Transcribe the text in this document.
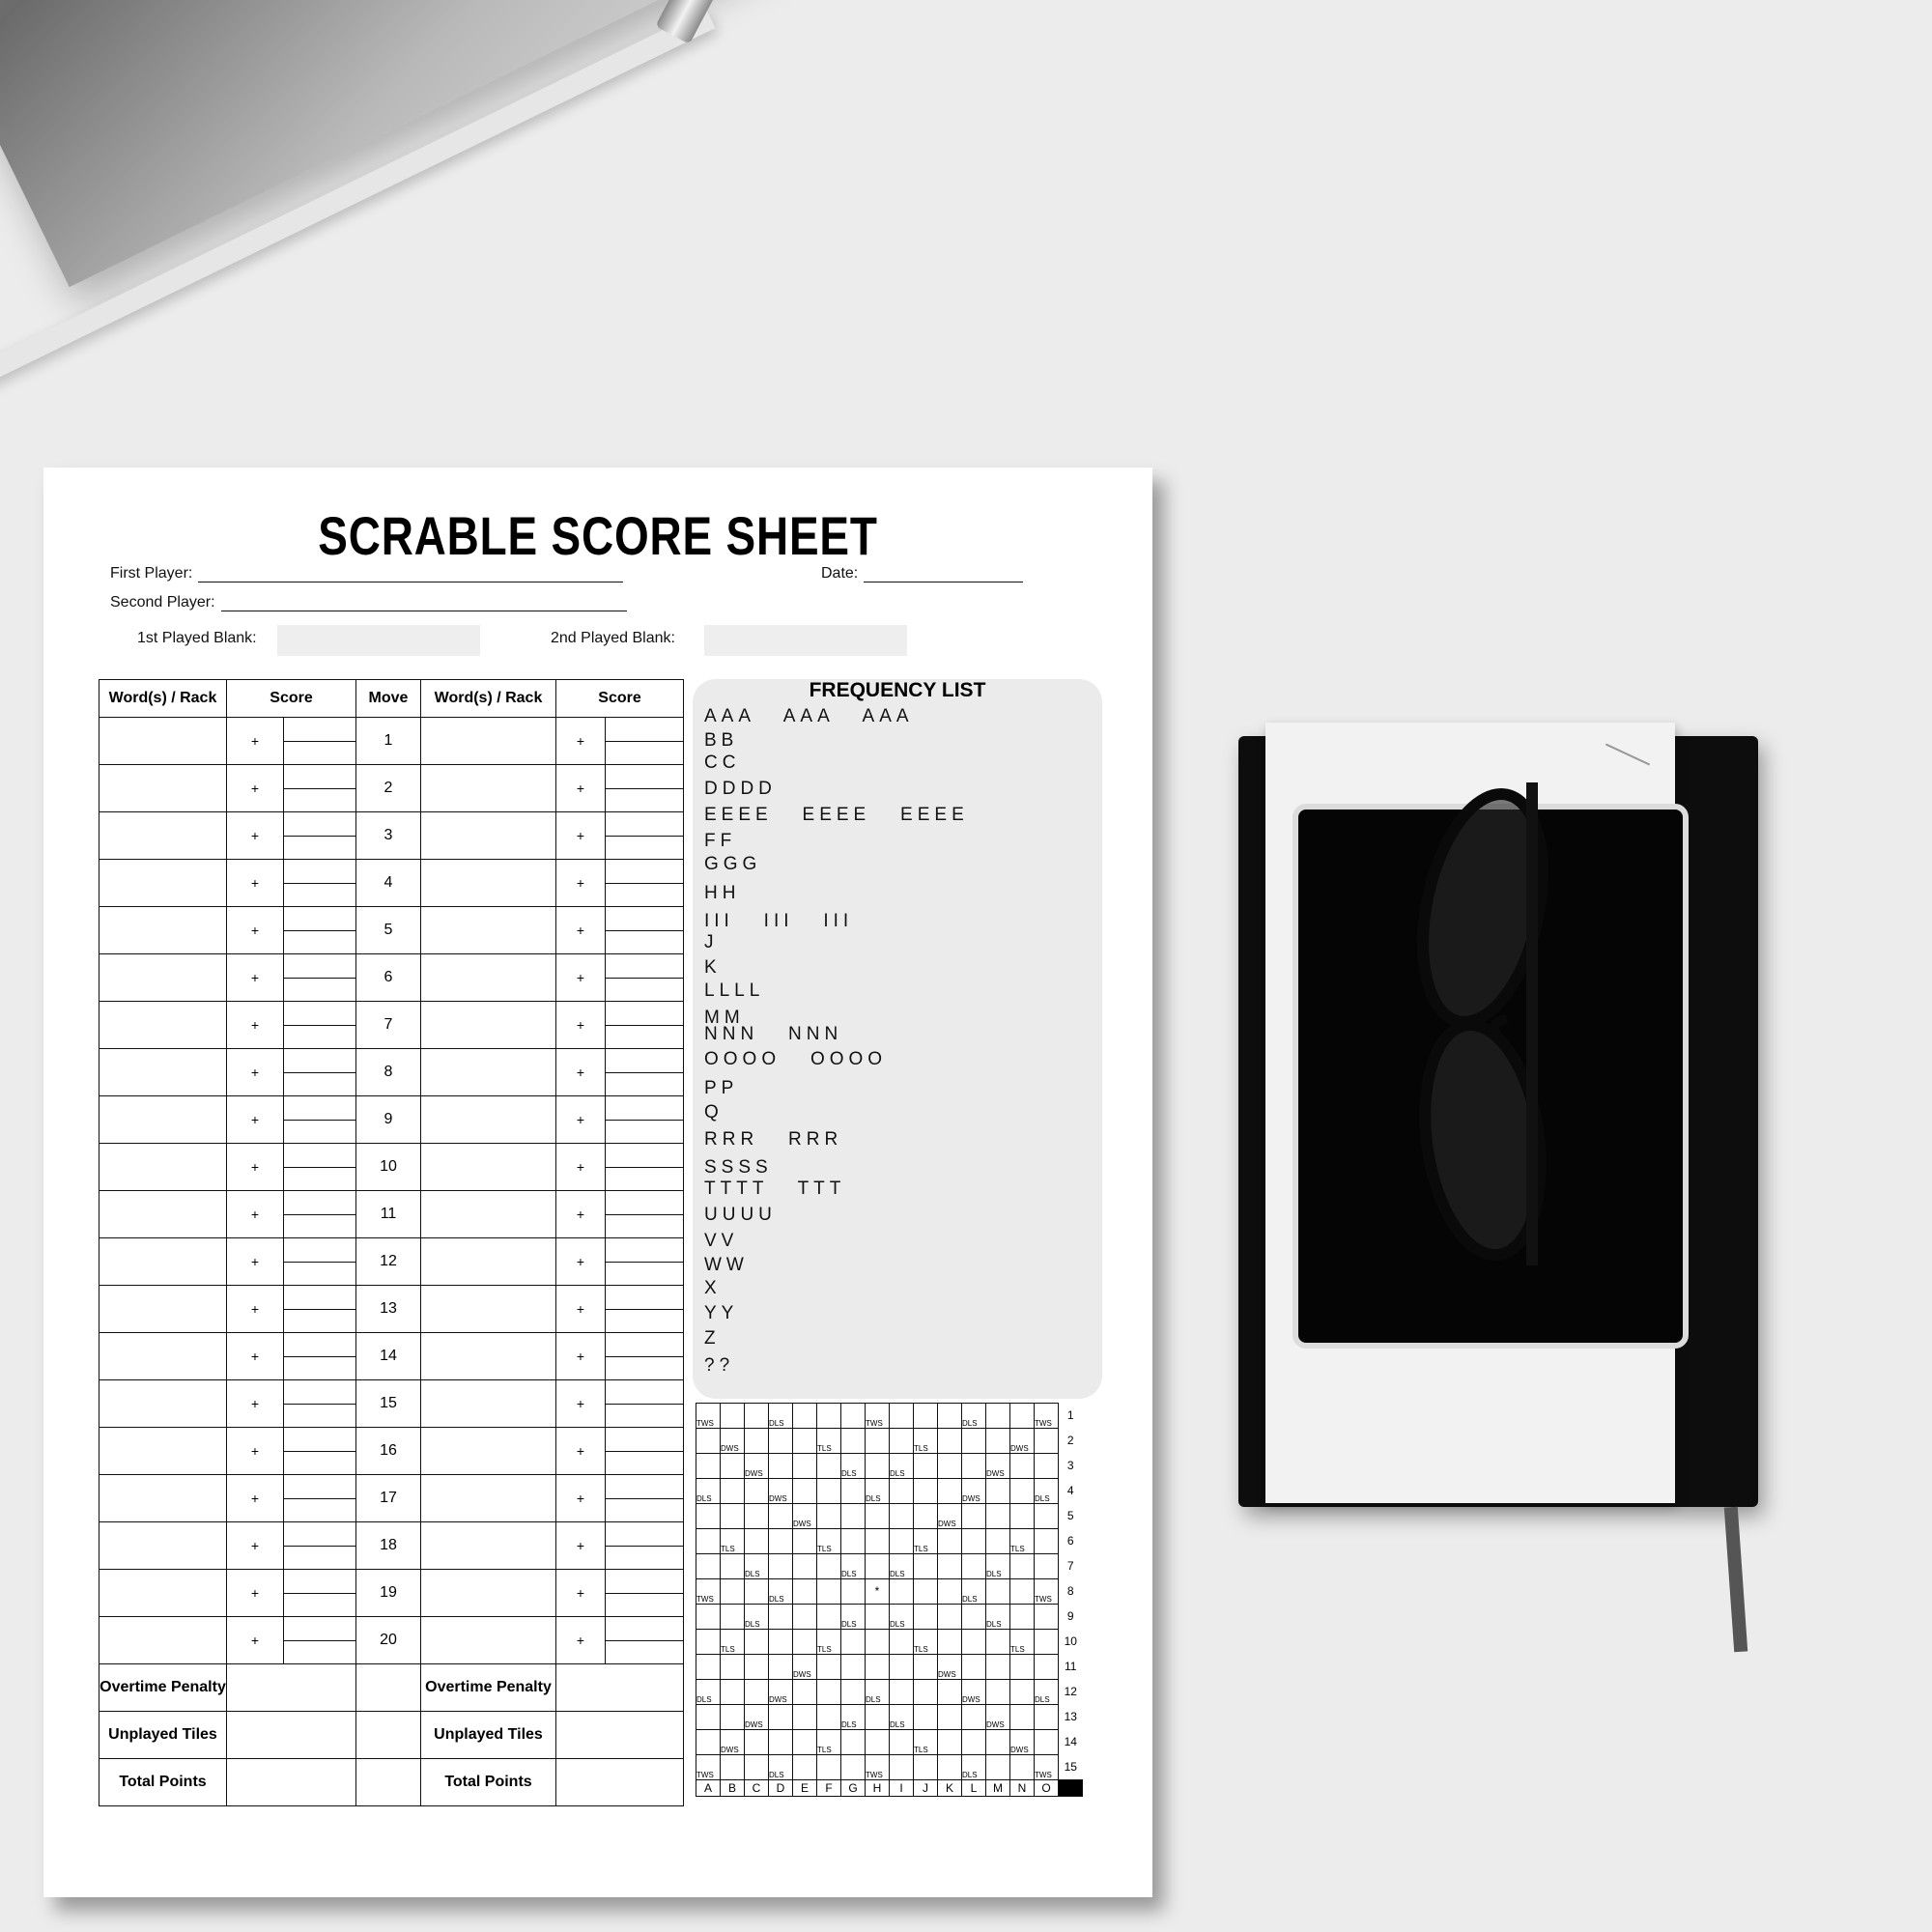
SCRABLE SCORE SHEET
First Player:	Date:
Second Player:
1st Played Blank:	2nd Played Blank:
Word(s) / Rack	Score		Move	Word(s) / Rack	Score	
	+		1		+	

	+		2		+	

	+		3		+	

	+		4		+	

	+		5		+	

	+		6		+	

	+		7		+	

	+		8		+	

	+		9		+	

	+		10		+	

	+		11		+	

	+		12		+	

	+		13		+	

	+		14		+	

	+		15		+	

	+		16		+	

	+		17		+	

	+		18		+	

	+		19		+	

	+		20		+	

Overtime Penalty				Overtime Penalty		
Unplayed Tiles				Unplayed Tiles		
Total Points				Total Points		
FREQUENCY LIST
AAA   AAA   AAA
BB
CC
DDDD
EEEE   EEEE   EEEE
FF
GGG
HH
III   III   III
J
K
LLLL
MM
NNN   NNN
OOOO   OOOO
PP
Q
RRR   RRR
SSSS
TTTT   TTT
UUUU
VV
WW
X
YY
Z
??
TWS			DLS				TWS				DLS			TWS	1
	DWS				TLS				TLS				DWS		2
		DWS				DLS		DLS				DWS			3
DLS			DWS				DLS				DWS			DLS	4
				DWS						DWS					5
	TLS				TLS				TLS				TLS		6
		DLS				DLS		DLS				DLS			7
TWS			DLS				*				DLS			TWS	8
		DLS				DLS		DLS				DLS			9
	TLS				TLS				TLS				TLS		10
				DWS						DWS					11
DLS			DWS				DLS				DWS			DLS	12
		DWS				DLS		DLS				DWS			13
	DWS				TLS				TLS				DWS		14
TWS			DLS				TWS				DLS			TWS	15
A	B	C	D	E	F	G	H	I	J	K	L	M	N	O	
